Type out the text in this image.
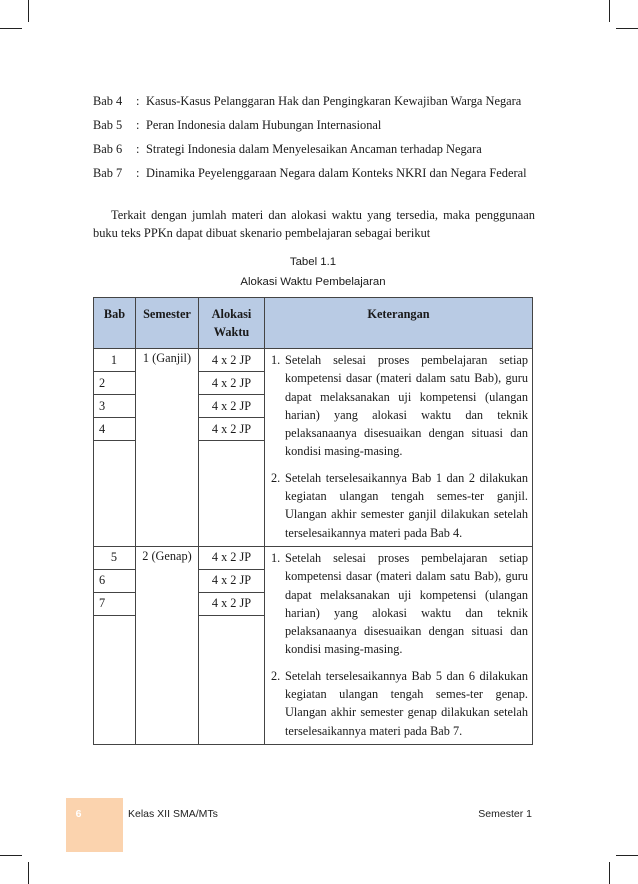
Bab 4	: Kasus-Kasus Pelanggaran Hak dan Pengingkaran Kewajiban Warga Negara
Bab 5	: Peran Indonesia dalam Hubungan Internasional
Bab 6	: Strategi Indonesia dalam Menyelesaikan Ancaman terhadap Negara
Bab 7	: Dinamika Peyelenggaraan Negara dalam Konteks NKRI dan Negara Federal

Terkait dengan jumlah materi dan alokasi waktu yang tersedia, maka penggunaan buku teks PPKn dapat dibuat skenario pembelajaran sebagai berikut

Tabel 1.1
Alokasi Waktu Pembelajaran
Bab	Semester	Alokasi Waktu	Keterangan
1	1 (Ganjil)	4 x 2 JP	1. Setelah selesai proses pembelajaran setiap kompetensi dasar (materi dalam satu Bab), guru dapat melaksanakan uji kompetensi (ulangan harian) yang alokasi waktu dan teknik pelaksanaanya disesuaikan dengan situasi dan kondisi masing-masing.
2. Setelah terselesaikannya Bab 1 dan 2 dilakukan kegiatan ulangan tengah semes-ter ganjil. Ulangan akhir semester ganjil dilakukan setelah terselesaikannya materi pada Bab 4.

2		4 x 2 JP	
3		4 x 2 JP	
4		4 x 2 JP	

5	2 (Genap)	4 x 2 JP	1. Setelah selesai proses pembelajaran setiap kompetensi dasar (materi dalam satu Bab), guru dapat melaksanakan uji kompetensi (ulangan harian) yang alokasi waktu dan teknik pelaksanaanya disesuaikan dengan situasi dan kondisi masing-masing.
2. Setelah terselesaikannya Bab 5 dan 6 dilakukan kegiatan ulangan tengah semes-ter genap. Ulangan akhir semester genap dilakukan setelah terselesaikannya materi pada Bab 7.

6		4 x 2 JP	
7		4 x 2 JP	

6	Kelas XII SMA/MTs	Semester 1
